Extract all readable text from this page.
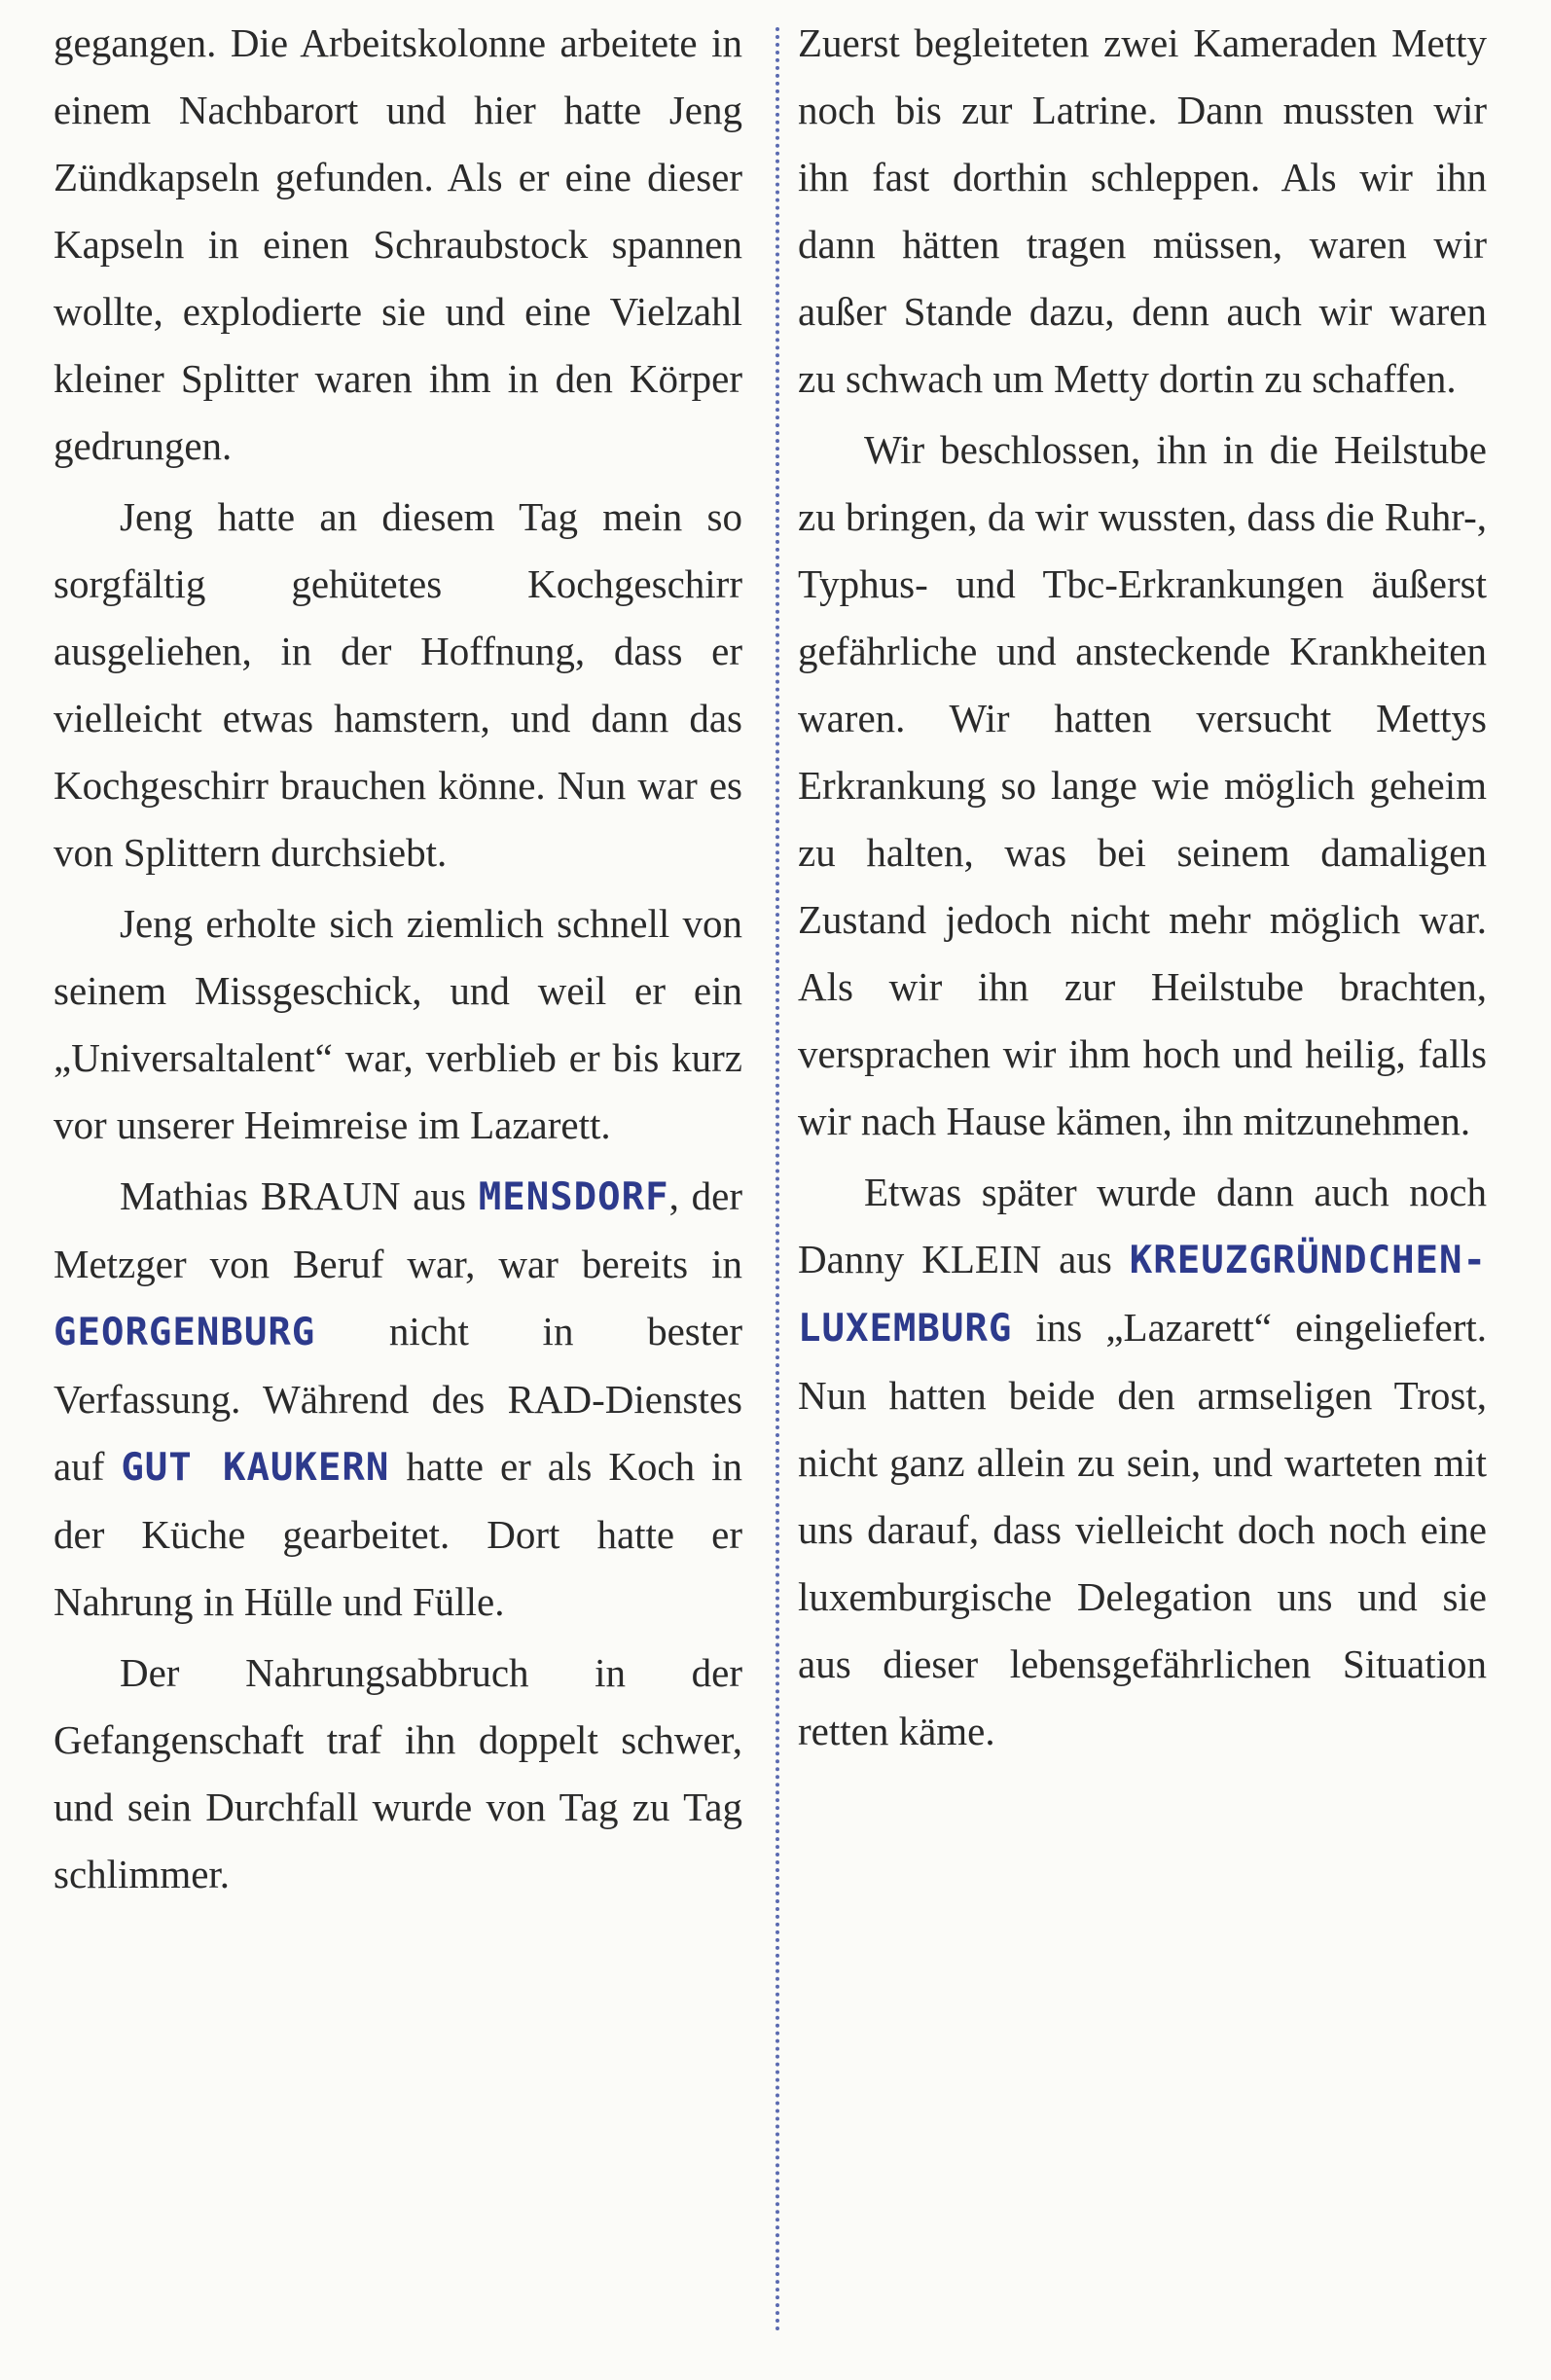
gegangen. Die Arbeitskolonne arbeitete in einem Nachbarort und hier hatte Jeng Zündkapseln gefunden. Als er eine dieser Kapseln in einen Schraubstock spannen wollte, explodierte sie und eine Vielzahl kleiner Splitter waren ihm in den Körper gedrungen.

Jeng hatte an diesem Tag mein so sorgfältig gehütetes Kochgeschirr ausgeliehen, in der Hoffnung, dass er vielleicht etwas hamstern, und dann das Kochgeschirr brauchen könne. Nun war es von Splittern durchsiebt.

Jeng erholte sich ziemlich schnell von seinem Missgeschick, und weil er ein „Universaltalent“ war, verblieb er bis kurz vor unserer Heimreise im Lazarett.

Mathias BRAUN aus MENSDORF, der Metzger von Beruf war, war bereits in GEORGENBURG nicht in bester Verfassung. Während des RAD-Dienstes auf GUT KAUKERN hatte er als Koch in der Küche gearbeitet. Dort hatte er Nahrung in Hülle und Fülle.

Der Nahrungsabbruch in der Gefangenschaft traf ihn doppelt schwer, und sein Durchfall wurde von Tag zu Tag schlimmer.

Zuerst begleiteten zwei Kameraden Metty noch bis zur Latrine. Dann mussten wir ihn fast dorthin schleppen. Als wir ihn dann hätten tragen müssen, waren wir außer Stande dazu, denn auch wir waren zu schwach um Metty dortin zu schaffen.

Wir beschlossen, ihn in die Heilstube zu bringen, da wir wussten, dass die Ruhr-, Typhus- und Tbc-Erkrankungen äußerst gefährliche und ansteckende Krankheiten waren. Wir hatten versucht Mettys Erkrankung so lange wie möglich geheim zu halten, was bei seinem damaligen Zustand jedoch nicht mehr möglich war. Als wir ihn zur Heilstube brachten, versprachen wir ihm hoch und heilig, falls wir nach Hause kämen, ihn mitzunehmen.

Etwas später wurde dann auch noch Danny KLEIN aus KREUZGRÜNDCHEN-LUXEMBURG ins „Lazarett“ eingeliefert. Nun hatten beide den armseligen Trost, nicht ganz allein zu sein, und warteten mit uns darauf, dass vielleicht doch noch eine luxemburgische Delegation uns und sie aus dieser lebensgefährlichen Situation retten käme.
